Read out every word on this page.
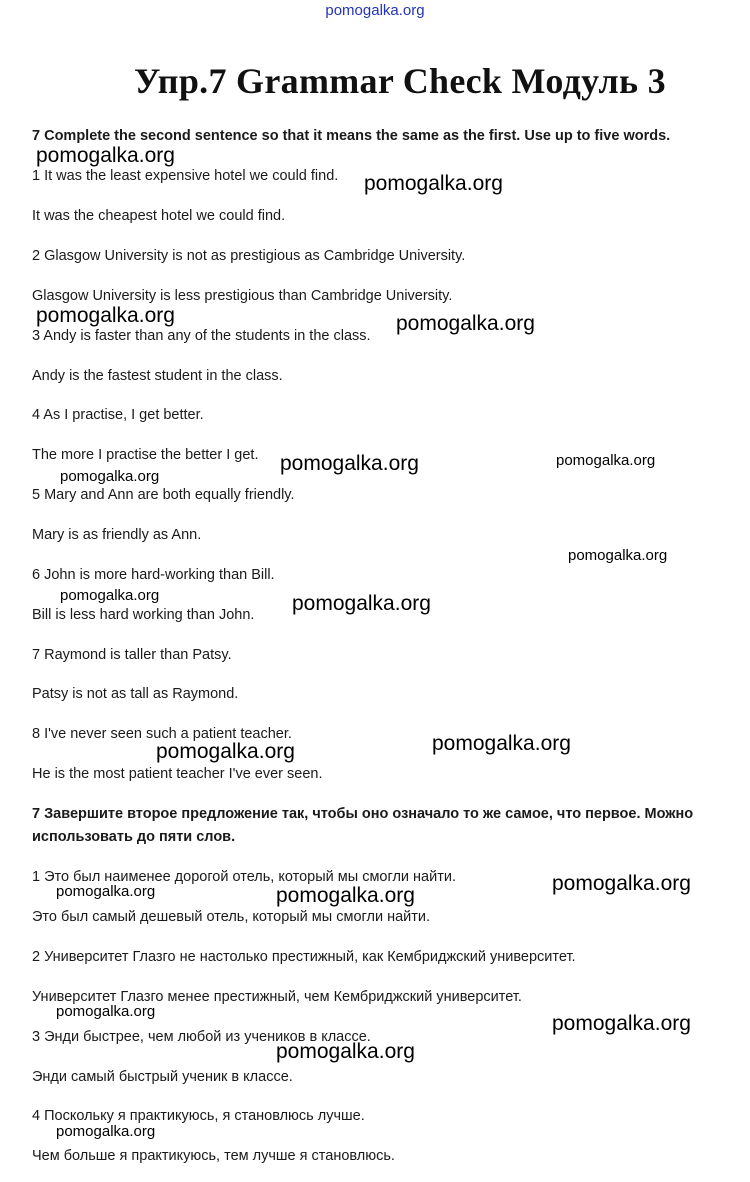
pomogalka.org
Упр.7 Grammar Check Модуль 3
7 Complete the second sentence so that it means the same as the first. Use up to five words.
1 It was the least expensive hotel we could find.
It was the cheapest hotel we could find.
2 Glasgow University is not as prestigious as Cambridge University.
Glasgow University is less prestigious than Cambridge University.
3 Andy is faster than any of the students in the class.
Andy is the fastest student in the class.
4 As I practise, I get better.
The more I practise the better I get.
5 Mary and Ann are both equally friendly.
Mary is as friendly as Ann.
6 John is more hard-working than Bill.
Bill is less hard working than John.
7 Raymond is taller than Patsy.
Patsy is not as tall as Raymond.
8 I've never seen such a patient teacher.
He is the most patient teacher I've ever seen.
7 Завершите второе предложение так, чтобы оно означало то же самое, что первое. Можно
использовать до пяти слов.
1 Это был наименее дорогой отель, который мы смогли найти.
Это был самый дешевый отель, который мы смогли найти.
2 Университет Глазго не настолько престижный, как Кембриджский университет.
Университет Глазго менее престижный, чем Кембриджский университет.
3 Энди быстрее, чем любой из учеников в классе.
Энди самый быстрый ученик в классе.
4 Поскольку я практикуюсь, я становлюсь лучше.
Чем больше я практикуюсь, тем лучше я становлюсь.
pomogalka.org
pomogalka.org
pomogalka.org	pomogalka.org
pomogalka.org	pomogalka.org
pomogalka.org
pomogalka.org
pomogalka.org	pomogalka.org
pomogalka.org
pomogalka.org
pomogalka.org
pomogalka.org	pomogalka.org
pomogalka.org
pomogalka.org
pomogalka.org
pomogalka.org
